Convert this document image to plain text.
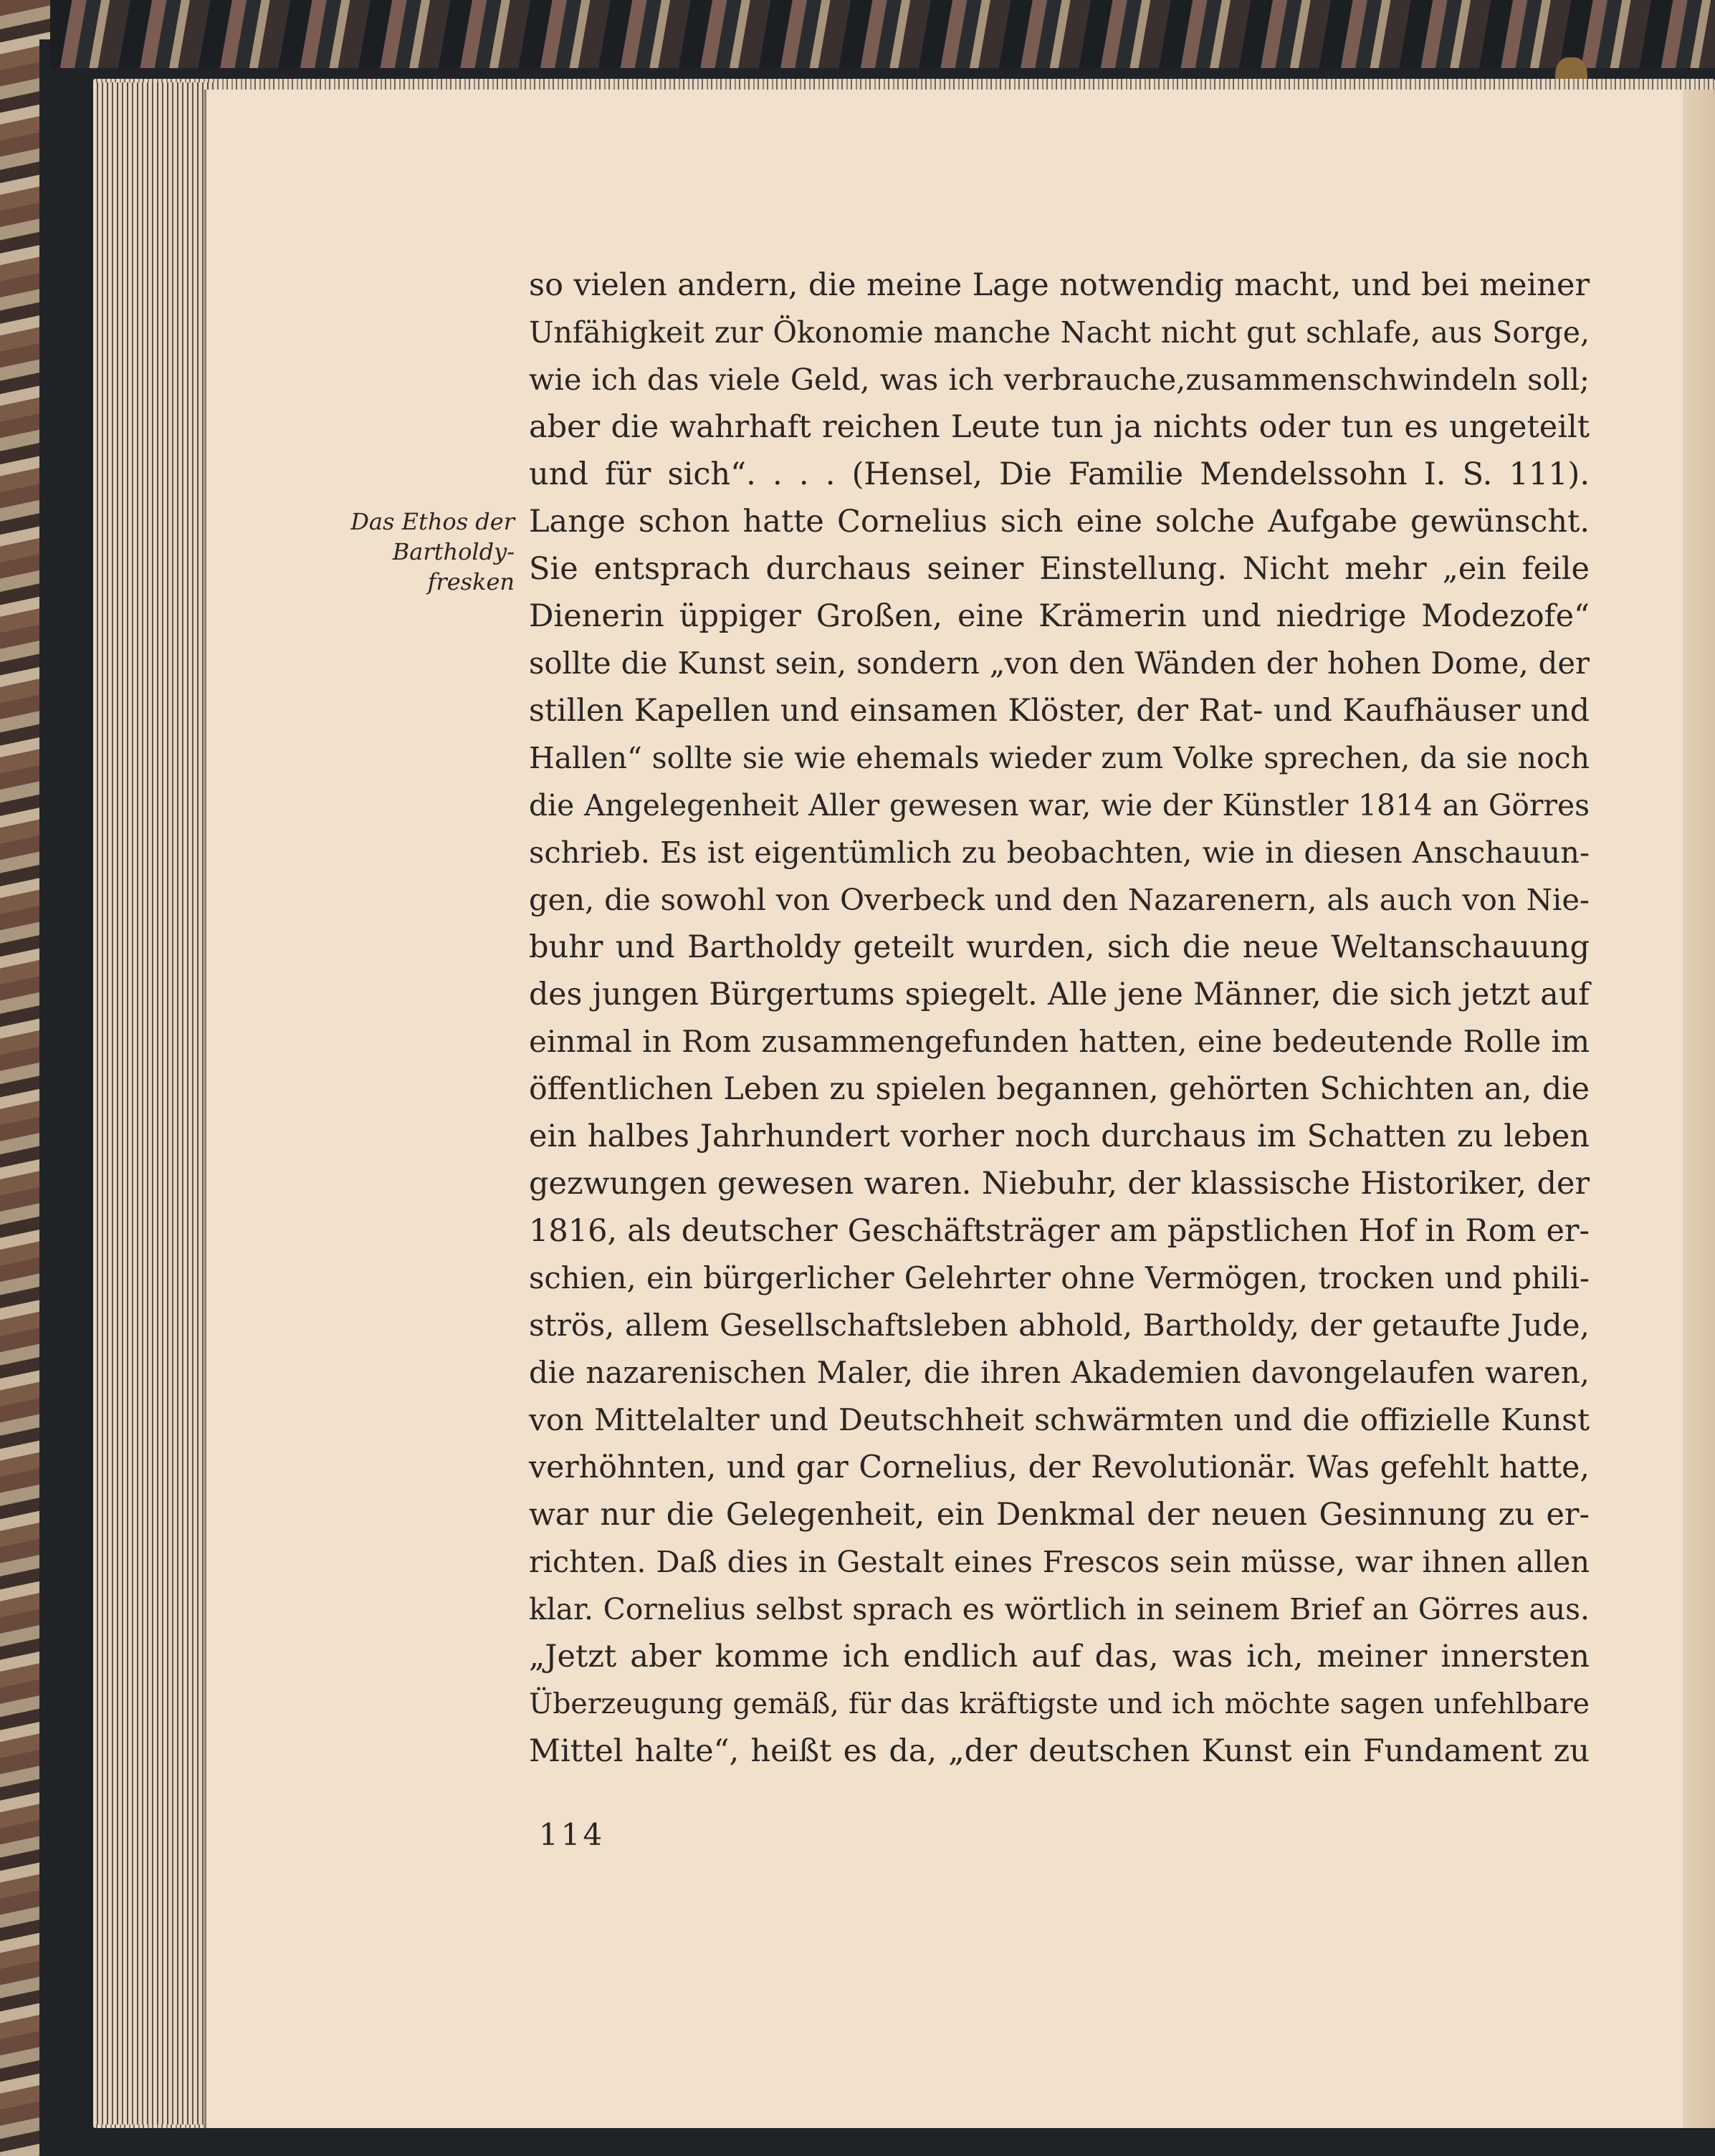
Das Ethos der
Bartholdy-
fresken
so vielen andern, die meine Lage notwendig macht, und bei meiner
Unfähigkeit zur Ökonomie manche Nacht nicht gut schlafe, aus Sorge,
wie ich das viele Geld, was ich verbrauche,zusammenschwindeln soll;
aber die wahrhaft reichen Leute tun ja nichts oder tun es ungeteilt
und für sich“. . . . (Hensel, Die Familie Mendelssohn I. S. 111).
Lange schon hatte Cornelius sich eine solche Aufgabe gewünscht.
Sie entsprach durchaus seiner Einstellung. Nicht mehr „ein feile
Dienerin üppiger Großen, eine Krämerin und niedrige Modezofe“
sollte die Kunst sein, sondern „von den Wänden der hohen Dome, der
stillen Kapellen und einsamen Klöster, der Rat- und Kaufhäuser und
Hallen“ sollte sie wie ehemals wieder zum Volke sprechen, da sie noch
die Angelegenheit Aller gewesen war, wie der Künstler 1814 an Görres
schrieb. Es ist eigentümlich zu beobachten, wie in diesen Anschauun-
gen, die sowohl von Overbeck und den Nazarenern, als auch von Nie-
buhr und Bartholdy geteilt wurden, sich die neue Weltanschauung
des jungen Bürgertums spiegelt. Alle jene Männer, die sich jetzt auf
einmal in Rom zusammengefunden hatten, eine bedeutende Rolle im
öffentlichen Leben zu spielen begannen, gehörten Schichten an, die
ein halbes Jahrhundert vorher noch durchaus im Schatten zu leben
gezwungen gewesen waren. Niebuhr, der klassische Historiker, der
1816, als deutscher Geschäftsträger am päpstlichen Hof in Rom er-
schien, ein bürgerlicher Gelehrter ohne Vermögen, trocken und phili-
strös, allem Gesellschaftsleben abhold, Bartholdy, der getaufte Jude,
die nazarenischen Maler, die ihren Akademien davongelaufen waren,
von Mittelalter und Deutschheit schwärmten und die offizielle Kunst
verhöhnten, und gar Cornelius, der Revolutionär. Was gefehlt hatte,
war nur die Gelegenheit, ein Denkmal der neuen Gesinnung zu er-
richten. Daß dies in Gestalt eines Frescos sein müsse, war ihnen allen
klar. Cornelius selbst sprach es wörtlich in seinem Brief an Görres aus.
„Jetzt aber komme ich endlich auf das, was ich, meiner innersten
Überzeugung gemäß, für das kräftigste und ich möchte sagen unfehlbare
Mittel halte“, heißt es da, „der deutschen Kunst ein Fundament zu
114
